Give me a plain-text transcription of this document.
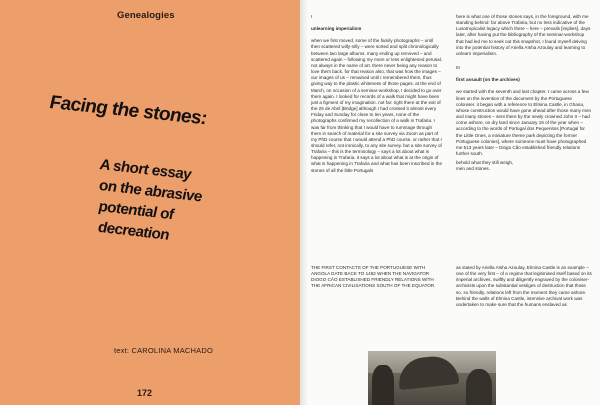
Genealogies
Facing the stones:
A short essay
on the abrasive
potential of
decreation
text: CAROLINA MACHADO
172
I
unlearning imperialism

when we first moved, some of the family photographs – until then scattered willy-nilly – were sorted and split chronologically between two large albums. many ending up removed – and scattered again – following my more or less enlightened perusal, not always in the name of art. there never being any reason to love them back. for that reason also, that was how the images – our images of us – remained until I remembered them, thus giving way to the plastic whiteness of those pages. at the end of March, on occasion of a seminar-workshop, I decided to go over them again. I looked for records of a walk that might have been just a figment of my imagination. not far: right there at the exit of the 25 de Abril [Bridge] although I had crossed it almost every Friday and Sunday for close to ten years, none of the photographs confirmed my recollection of a walk in Trafaria. I was far from thinking that I would have to rummage through them in search of material for a site survey via Zoom as part of my PhD course that I would attend a PhD course. or rather that I should refer, not ironically, to any site survey. but a site survey of Trafaria – this is the terminology – says a lot about what is happening in Trafaria. it says a lot about what is at the origin of what is happening in Trafaria and what has been inscribed in the stones of all the little Portugals

THE FIRST CONTACTS OF THE PORTUGUESE WITH ANGOLA DATE BACK TO 1482 WHEN THE NAVIGATOR DIOGO CÃO ESTABLISHED FRIENDLY RELATIONS WITH THE AFRICAN CIVILISATIONS SOUTH OF THE EQUATOR.

here is what one of those stones says, in the foreground, with me standing behind: far above Trafaria, but no less indicative of the Lusotropicalist legacy which there – here – prevails [implies], days later, after having put the bibliography of the seminar-workshop that had led me to seek out this snapshot, I found myself delving into the potential history of Ariella Aïsha Azoulay and learning to unlearn imperialism.

III
first assault (on the archives)

we started with the seventh and last chapter. I came across a few lines on the invention of the document by the Portuguese coloniser. it began with a reference to Elmina Castle, in Ghana, whose construction would have gone ahead after those many men and many stones – sent there by the newly crowned John II – had come ashore, on dry land since January 19 of the year when – according to the words of Portugal dos Pequenitos [Portugal for the Little Ones, a miniature theme park depicting the former Portuguese colonies], where someone must have photographed me 513 years later – Diogo Cão established friendly relations further south.

behold what they still weigh,
men and stones.
as stated by Ariella Aïsha Azoulay, Elmina Castle is an example – one of the very first – of a regime that legitimised itself based on its imperial archives, swiftly and diligently engraved by the coloniser-archivists upon the substantial vestiges of destruction that those so, so friendly, relations left from the moment they came ashore. Behind the walls of Elmina Castle, intensive archival work was undertaken to make sure that the humans enslaved as
